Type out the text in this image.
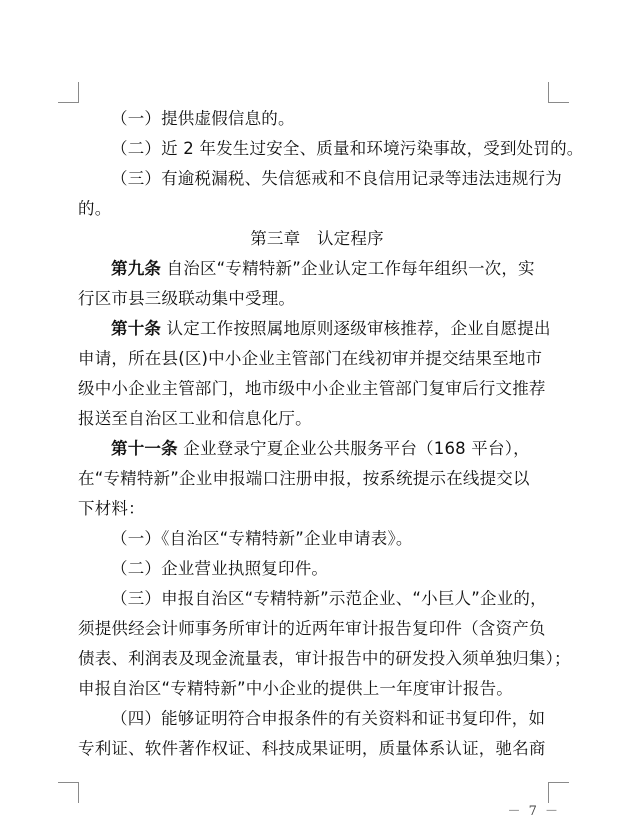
（一）提供虚假信息的。
（二）近 2 年发生过安全、质量和环境污染事故，受到处罚的。
（三）有逾税漏税、失信惩戒和不良信用记录等违法违规行为
的。
第三章　认定程序
第九条 自治区“专精特新”企业认定工作每年组织一次，实
行区市县三级联动集中受理。
第十条 认定工作按照属地原则逐级审核推荐，企业自愿提出
申请，所在县(区)中小企业主管部门在线初审并提交结果至地市
级中小企业主管部门，地市级中小企业主管部门复审后行文推荐
报送至自治区工业和信息化厅。
第十一条 企业登录宁夏企业公共服务平台（168 平台），
在“专精特新”企业申报端口注册申报，按系统提示在线提交以
下材料：
（一）《自治区“专精特新”企业申请表》。
（二）企业营业执照复印件。
（三）申报自治区“专精特新”示范企业、“小巨人”企业的，
须提供经会计师事务所审计的近两年审计报告复印件（含资产负
债表、利润表及现金流量表，审计报告中的研发投入须单独归集）；
申报自治区“专精特新”中小企业的提供上一年度审计报告。
（四）能够证明符合申报条件的有关资料和证书复印件，如
专利证、软件著作权证、科技成果证明，质量体系认证，驰名商
－ 7 －
